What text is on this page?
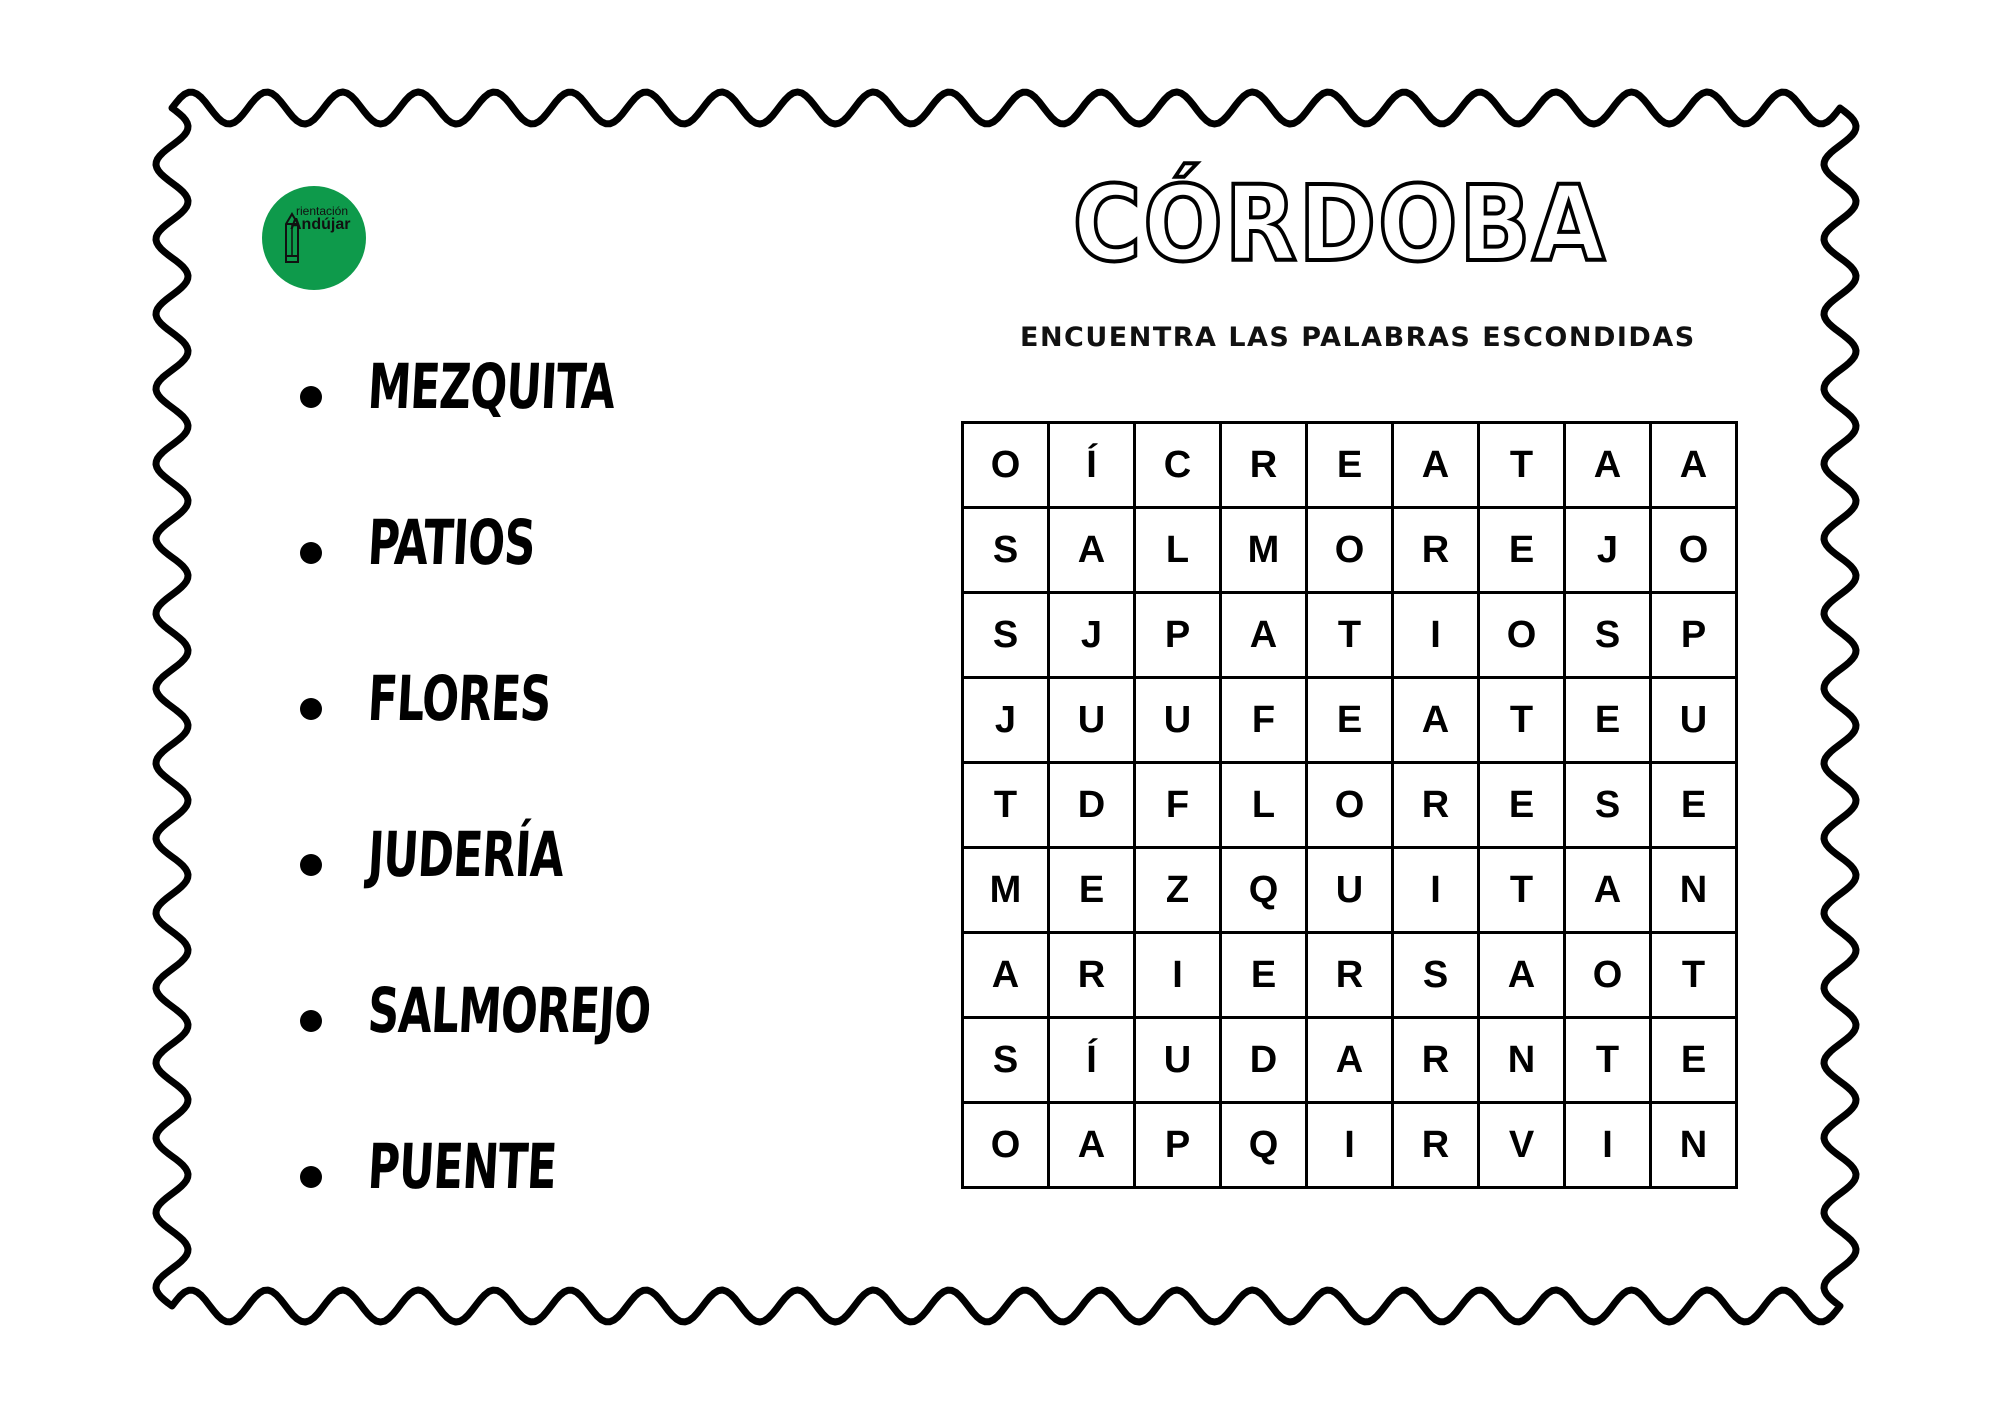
rientación
Andújar	CÓRDOBA
ENCUENTRA LAS PALABRAS ESCONDIDAS
MEZQUITA
PATIOS
FLORES
JUDERÍA
SALMOREJO
PUENTE
O	Í	C	R	E	A	T	A	A
S	A	L	M	O	R	E	J	O
S	J	P	A	T	I	O	S	P
J	U	U	F	E	A	T	E	U
T	D	F	L	O	R	E	S	E
M	E	Z	Q	U	I	T	A	N
A	R	I	E	R	S	A	O	T
S	Í	U	D	A	R	N	T	E
O	A	P	Q	I	R	V	I	N
